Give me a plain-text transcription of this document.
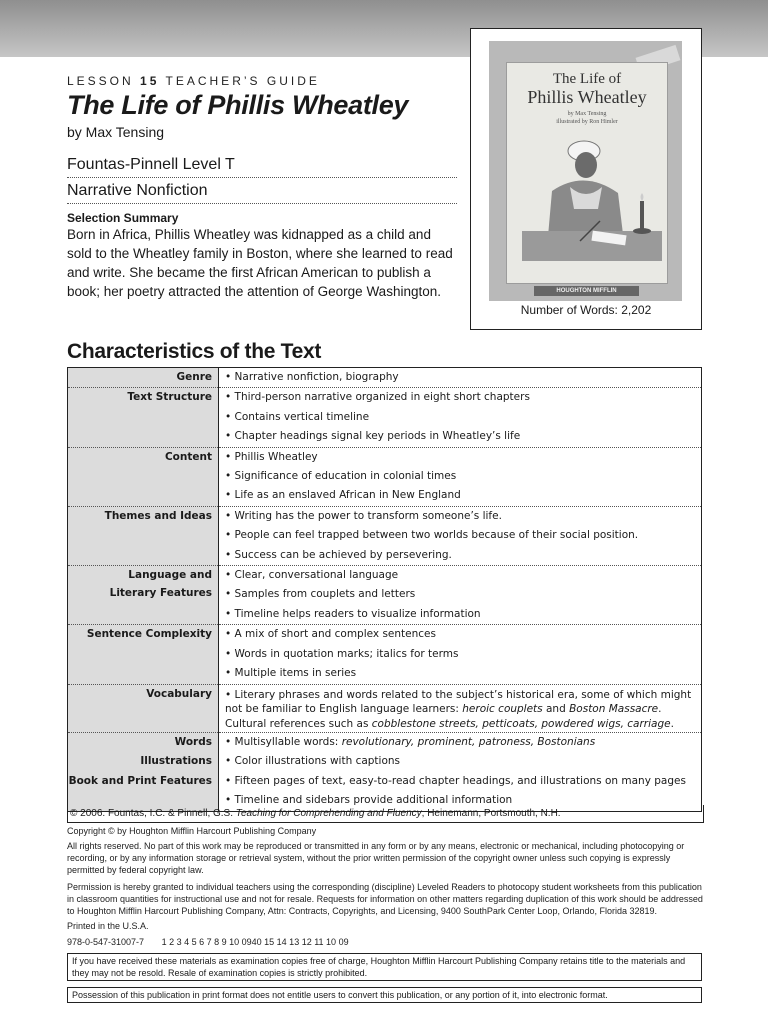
LESSON 15 TEACHER’S GUIDE
The Life of Phillis Wheatley
by Max Tensing
Fountas-Pinnell Level T
Narrative Nonfiction
Selection Summary
Born in Africa, Phillis Wheatley was kidnapped as a child and sold to the Wheatley family in Boston, where she learned to read and write. She became the first African American to publish a book; her poetry attracted the attention of George Washington.
The Life of
Phillis Wheatley
by Max Tensing
illustrated by Ron Himler
HOUGHTON MIFFLIN
Number of Words: 2,202
Characteristics of the Text
Genre	• Narrative nonfiction, biography

Text Structure	• Third-person narrative organized in eight short chapters
• Contains vertical timeline
• Chapter headings signal key periods in Wheatley’s life

Content	• Phillis Wheatley
• Significance of education in colonial times
• Life as an enslaved African in New England

Themes and Ideas	• Writing has the power to transform someone’s life.
• People can feel trapped between two worlds because of their social position.
• Success can be achieved by persevering.

Language and
Literary Features	• Clear, conversational language
• Samples from couplets and letters
• Timeline helps readers to visualize information

Sentence Complexity	• A mix of short and complex sentences
• Words in quotation marks; italics for terms
• Multiple items in series

Vocabulary	• Literary phrases and words related to the subject’s historical era, some of which might not be familiar to English language learners: heroic couplets and Boston Massacre. Cultural references such as cobblestone streets, petticoats, powdered wigs, carriage.

Words	• Multisyllable words: revolutionary, prominent, patroness, Bostonians

Illustrations	• Color illustrations with captions

Book and Print Features	• Fifteen pages of text, easy-to-read chapter headings, and illustrations on many pages
• Timeline and sidebars provide additional information
© 2006. Fountas, I.C. & Pinnell, G.S. Teaching for Comprehending and Fluency, Heinemann, Portsmouth, N.H.
Copyright © by Houghton Mifflin Harcourt Publishing Company
All rights reserved. No part of this work may be reproduced or transmitted in any form or by any means, electronic or mechanical, including photocopying or recording, or by any information storage or retrieval system, without the prior written permission of the copyright owner unless such copying is expressly permitted by federal copyright law.
Permission is hereby granted to individual teachers using the corresponding (discipline) Leveled Readers to photocopy student worksheets from this publication in classroom quantities for instructional use and not for resale. Requests for information on other matters regarding duplication of this work should be addressed to Houghton Mifflin Harcourt Publishing Company, Attn: Contracts, Copyrights, and Licensing, 9400 SouthPark Center Loop, Orlando, Florida 32819.
Printed in the U.S.A.
978-0-547-31007-7 1 2 3 4 5 6 7 8 9 10 0940 15 14 13 12 11 10 09
If you have received these materials as examination copies free of charge, Houghton Mifflin Harcourt Publishing Company retains title to the materials and they may not be resold. Resale of examination copies is strictly prohibited.
Possession of this publication in print format does not entitle users to convert this publication, or any portion of it, into electronic format.
